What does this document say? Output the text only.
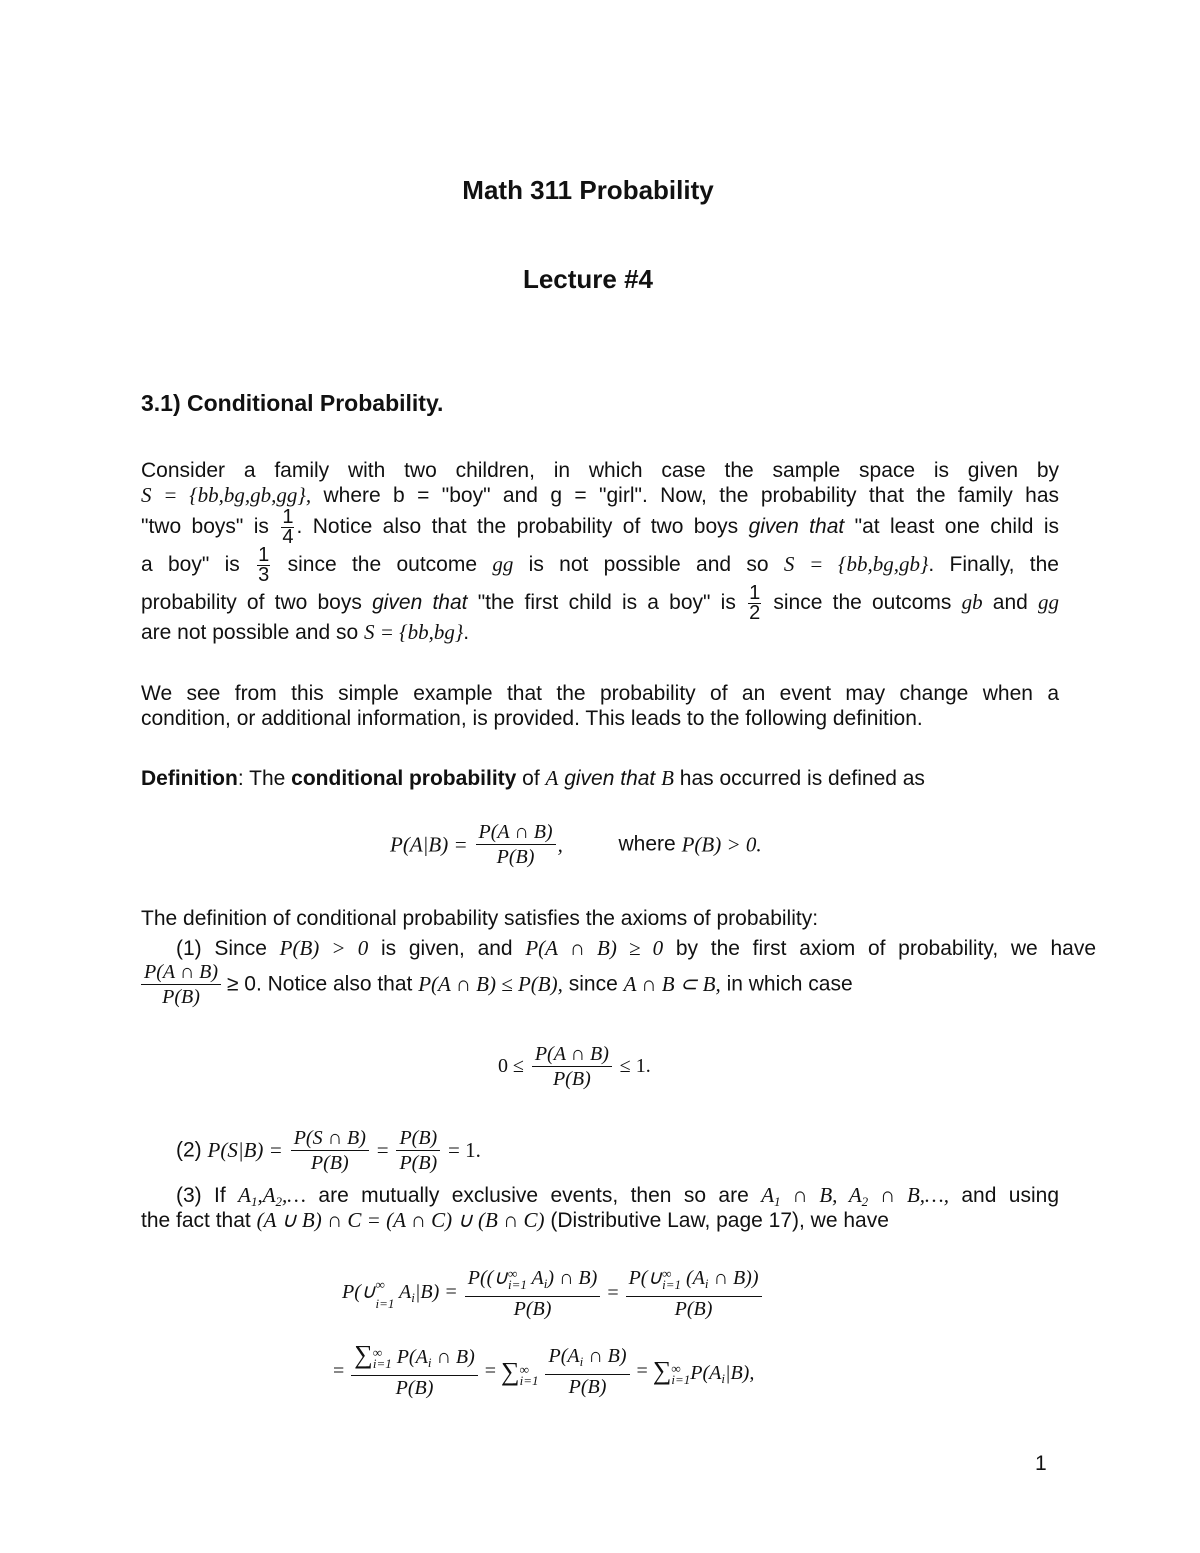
Math 311 Probability
Lecture #4
3.1) Conditional Probability.
Consider a family with two children, in which case the sample space is given by
S = {bb,bg,gb,gg}, where b = "boy" and g = "girl". Now, the probability that the family has
"two boys" is $\frac{1}{4}$ . Notice also that the probability of two boys given that "at least one child is
a boy" is $\frac{1}{3}$ since the outcome gg is not possible and so S = {bb,bg,gb}. Finally, the
probability of two boys given that "the first child is a boy" is $\frac{1}{2}$ since the outcoms gb and gg
are not possible and so S = {bb,bg}.
We see from this simple example that the probability of an event may change when a
condition, or additional information, is provided. This leads to the following definition.
Definition: The conditional probability of A given that B has occurred is defined as
$P(A|B) = \frac{P(A \cap B)}{P(B)}$ ,	where P(B) > 0.
The definition of conditional probability satisfies the axioms of probability:
(1) Since P(B) > 0 is given, and P(A ∩ B) ≥ 0 by the first axiom of probability, we have
$\frac{P(A \cap B)}{P(B)} \ge 0$. Notice also that P(A ∩ B) ≤ P(B), since A ∩ B ⊂ B, in which case
$0 \le \frac{P(A \cap B)}{P(B)} \le 1$.
(2) $P(S|B) = \frac{P(S \cap B)}{P(B)} = \frac{P(B)}{P(B)} = 1$.
(3) If $A_1,A_2,\dots$ are mutually exclusive events, then so are $A_1$ ∩ B, $A_2$ ∩ B,…, and using
the fact that (A ∪ B) ∩ C = (A ∩ C) ∪ (B ∩ C) (Distributive Law, page 17), we have
P(∪∞
i=1 $A_i|B$) =
P((∪∞
i=1 $A_i$) ∩ B)
P(B)
=
P(∪∞
i=1 ($A_i$ ∩ B))
P(B)
=
∑∞
i=1 $P(A_i$ ∩ B)
P(B)
= ∑∞
$i=1 \frac{P(A_i \cap B)}{P(B)}$ = ∑∞
$i=1P(A_i|B)$,
1
